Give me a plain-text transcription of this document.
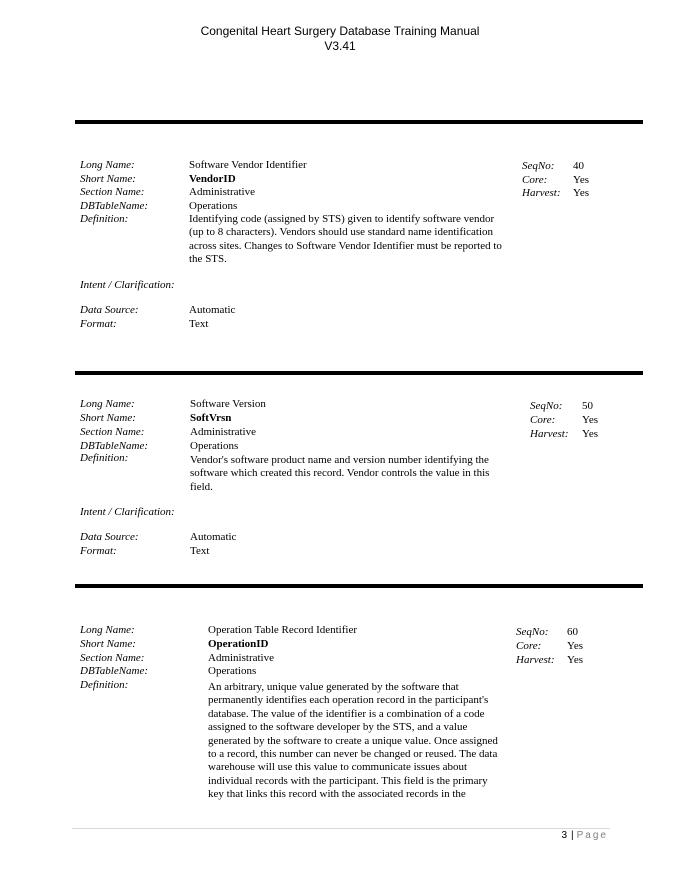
Congenital Heart Surgery Database Training Manual
V3.41
Long Name:
Short Name:
Section Name:
DBTableName:
Definition:
Software Vendor Identifier
VendorID
Administrative
Operations
Identifying code (assigned by STS) given to identify software vendor
(up to 8 characters). Vendors should use standard name identification
across sites. Changes to Software Vendor Identifier must be reported to
the STS.
Intent / Clarification:
Data Source:
Format:
Automatic
Text
SeqNo:
Core:
Harvest:
40
Yes
Yes
Long Name:
Short Name:
Section Name:
DBTableName:
Definition:
Software Version
SoftVrsn
Administrative
Operations
Vendor's software product name and version number identifying the
software which created this record. Vendor controls the value in this
field.
Intent / Clarification:
Data Source:
Format:
Automatic
Text
SeqNo:
Core:
Harvest:
50
Yes
Yes
Long Name:
Short Name:
Section Name:
DBTableName:
Definition:
Operation Table Record Identifier
OperationID
Administrative
Operations
An arbitrary, unique value generated by the software that
permanently identifies each operation record in the participant's
database. The value of the identifier is a combination of a code
assigned to the software developer by the STS, and a value
generated by the software to create a unique value. Once assigned
to a record, this number can never be changed or reused. The data
warehouse will use this value to communicate issues about
individual records with the participant. This field is the primary
key that links this record with the associated records in the
SeqNo:
Core:
Harvest:
60
Yes
Yes
3 | Page
